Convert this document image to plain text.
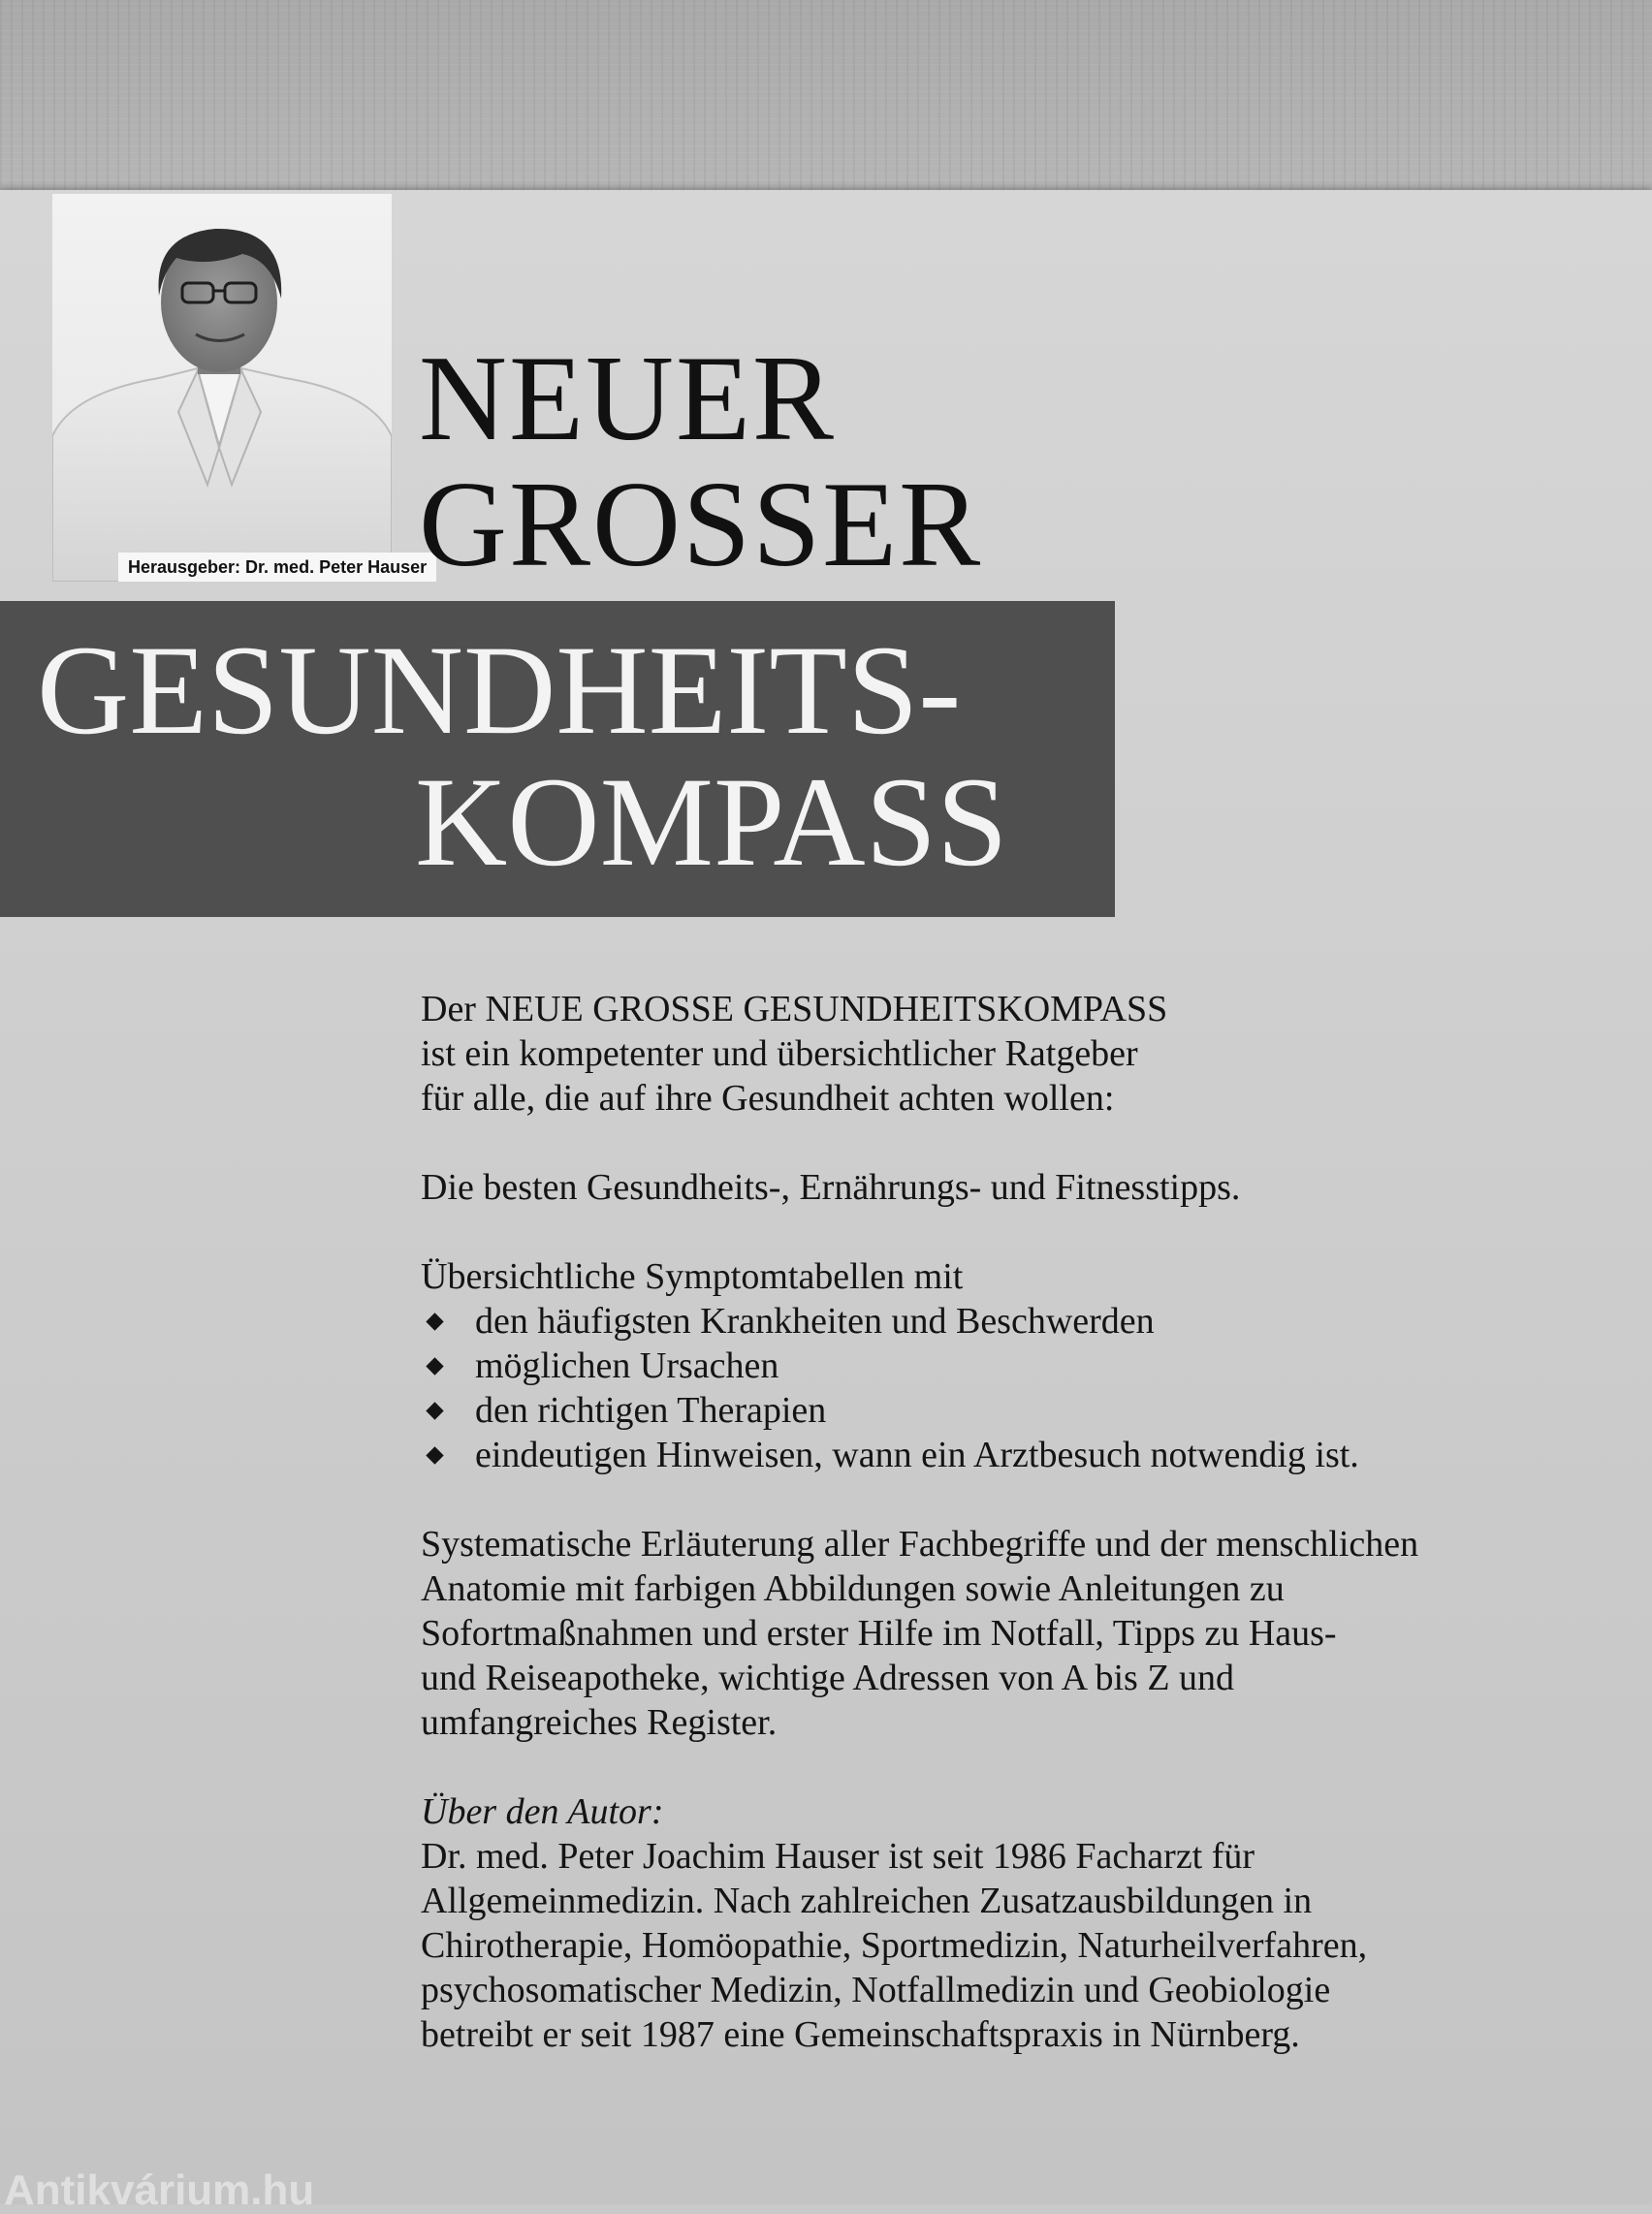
Herausgeber: Dr. med. Peter Hauser
NEUER
GROSSER
GESUNDHEITS-
KOMPASS

Der NEUE GROSSE GESUNDHEITSKOMPASS
ist ein kompetenter und übersichtlicher Ratgeber
für alle, die auf ihre Gesundheit achten wollen:

Die besten Gesundheits-, Ernährungs- und Fitnesstipps.

Übersichtliche Symptomtabellen mit

den häufigsten Krankheiten und Beschwerden
möglichen Ursachen
den richtigen Therapien
eindeutigen Hinweisen, wann ein Arztbesuch notwendig ist.

Systematische Erläuterung aller Fachbegriffe und der menschlichen
Anatomie mit farbigen Abbildungen sowie Anleitungen zu
Sofortmaßnahmen und erster Hilfe im Notfall, Tipps zu Haus-
und Reiseapotheke, wichtige Adressen von A bis Z und
umfangreiches Register.

Über den Autor:

Dr. med. Peter Joachim Hauser ist seit 1986 Facharzt für
Allgemeinmedizin. Nach zahlreichen Zusatzausbildungen in
Chirotherapie, Homöopathie, Sportmedizin, Naturheilverfahren,
psychosomatischer Medizin, Notfallmedizin und Geobiologie
betreibt er seit 1987 eine Gemeinschaftspraxis in Nürnberg.

Antikvárium.hu
